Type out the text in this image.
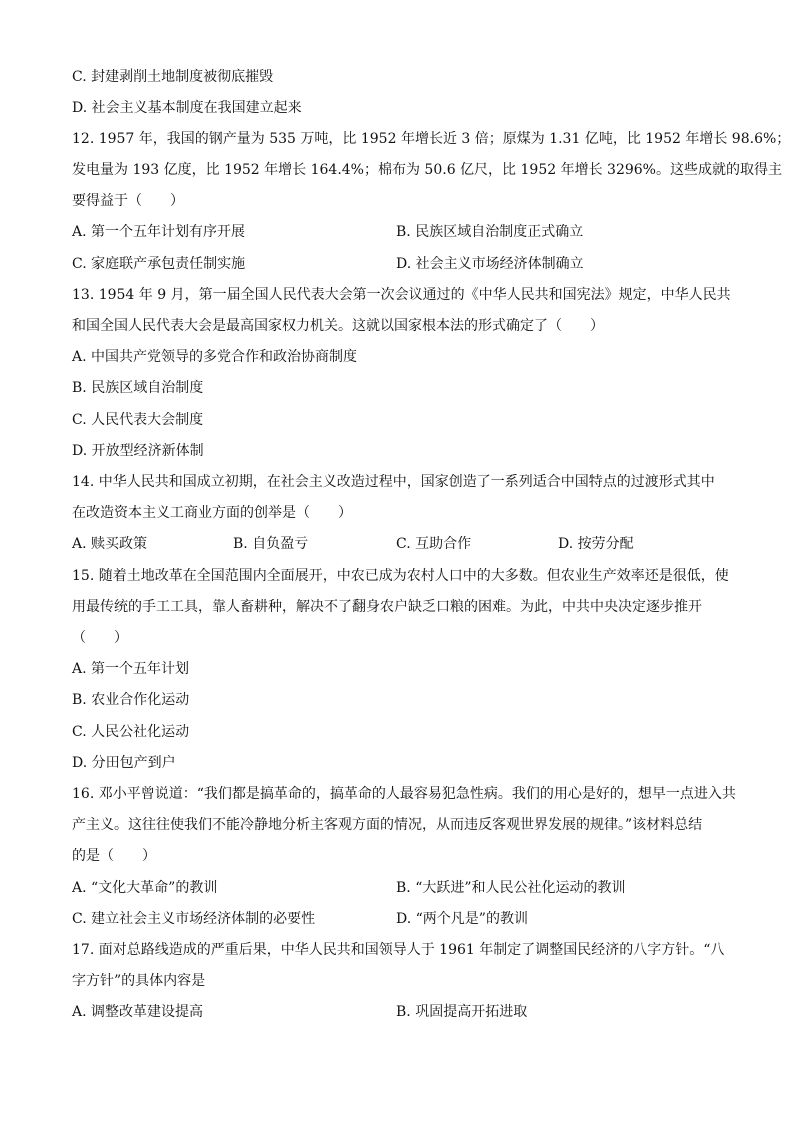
C. 封建剥削土地制度被彻底摧毁
D. 社会主义基本制度在我国建立起来
12. 1957 年，我国的钢产量为 535 万吨，比 1952 年增长近 3 倍；原煤为 1.31 亿吨，比 1952 年增长 98.6%；
发电量为 193 亿度，比 1952 年增长 164.4%；棉布为 50.6 亿尺，比 1952 年增长 3296%。这些成就的取得主
要得益于（　　）
A. 第一个五年计划有序开展	B. 民族区域自治制度正式确立
C. 家庭联产承包责任制实施	D. 社会主义市场经济体制确立
13. 1954 年 9 月，第一届全国人民代表大会第一次会议通过的《中华人民共和国宪法》规定，中华人民共
和国全国人民代表大会是最高国家权力机关。这就以国家根本法的形式确定了（　　）
A. 中国共产党领导的多党合作和政治协商制度
B. 民族区域自治制度
C. 人民代表大会制度
D. 开放型经济新体制
14. 中华人民共和国成立初期，在社会主义改造过程中，国家创造了一系列适合中国特点的过渡形式其中
在改造资本主义工商业方面的创举是（　　）
A. 赎买政策	B. 自负盈亏	C. 互助合作	D. 按劳分配
15. 随着土地改革在全国范围内全面展开，中农已成为农村人口中的大多数。但农业生产效率还是很低，使
用最传统的手工工具，靠人畜耕种，解决不了翻身农户缺乏口粮的困难。为此，中共中央决定逐步推开
（　　）
A. 第一个五年计划
B. 农业合作化运动
C. 人民公社化运动
D. 分田包产到户
16. 邓小平曾说道：“我们都是搞革命的，搞革命的人最容易犯急性病。我们的用心是好的，想早一点进入共
产主义。这往往使我们不能冷静地分析主客观方面的情况，从而违反客观世界发展的规律。”该材料总结
的是（　　）
A. “文化大革命”的教训	B. “大跃进”和人民公社化运动的教训
C. 建立社会主义市场经济体制的必要性	D. “两个凡是”的教训
17. 面对总路线造成的严重后果，中华人民共和国领导人于 1961 年制定了调整国民经济的八字方针。“八
字方针”的具体内容是
A. 调整改革建设提高	B. 巩固提高开拓进取
